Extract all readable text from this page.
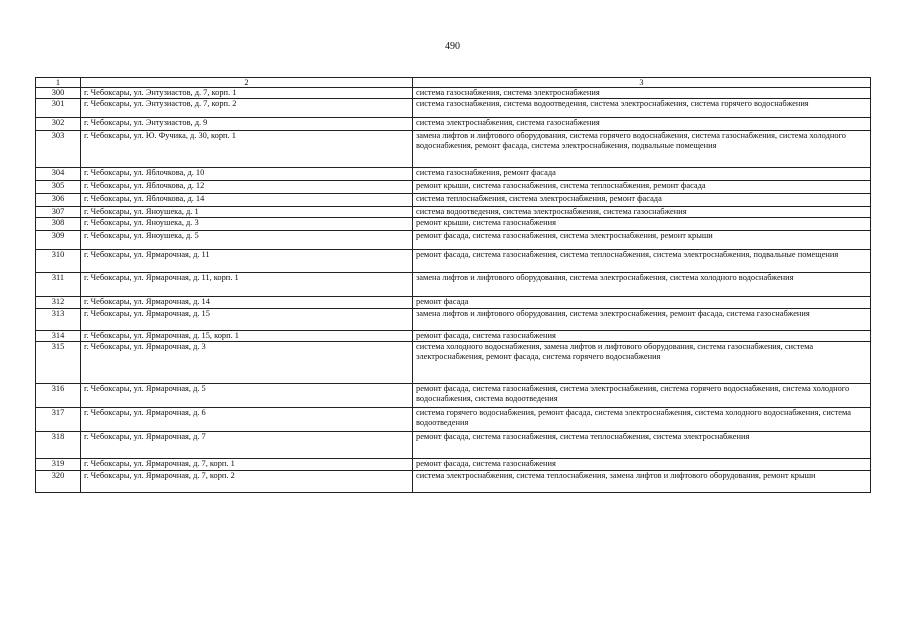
490
1	2	3
300	г. Чебоксары, ул. Энтузиастов, д. 7, корп. 1	система газоснабжения, система электроснабжения
301	г. Чебоксары, ул. Энтузиастов, д. 7, корп. 2	система газоснабжения, система водоотведения, система электроснабжения, система горячего водоснабжения
302	г. Чебоксары, ул. Энтузиастов, д. 9	система электроснабжения, система газоснабжения
303	г. Чебоксары, ул. Ю. Фучика, д. 30, корп. 1	замена лифтов и лифтового оборудования, система горячего водоснабжения, система газоснабжения, система холодного водоснабжения, ремонт фасада, система электроснабжения, подвальные помещения
304	г. Чебоксары, ул. Яблочкова, д. 10	система газоснабжения, ремонт фасада
305	г. Чебоксары, ул. Яблочкова, д. 12	ремонт крыши, система газоснабжения, система теплоснабжения, ремонт фасада
306	г. Чебоксары, ул. Яблочкова, д. 14	система теплоснабжения, система электроснабжения, ремонт фасада
307	г. Чебоксары, ул. Яноушека, д. 1	система водоотведения, система электроснабжения, система газоснабжения
308	г. Чебоксары, ул. Яноушека, д. 3	ремонт крыши, система газоснабжения
309	г. Чебоксары, ул. Яноушека, д. 5	ремонт фасада, система газоснабжения, система электроснабжения, ремонт крыши
310	г. Чебоксары, ул. Ярмарочная, д. 11	ремонт фасада, система газоснабжения, система теплоснабжения, система электроснабжения, подвальные помещения
311	г. Чебоксары, ул. Ярмарочная, д. 11, корп. 1	замена лифтов и лифтового оборудования, система электроснабжения, система холодного водоснабжения
312	г. Чебоксары, ул. Ярмарочная, д. 14	ремонт фасада
313	г. Чебоксары, ул. Ярмарочная, д. 15	замена лифтов и лифтового оборудования, система электроснабжения, ремонт фасада, система газоснабжения
314	г. Чебоксары, ул. Ярмарочная, д. 15, корп. 1	ремонт фасада, система газоснабжения
315	г. Чебоксары, ул. Ярмарочная, д. 3	система холодного водоснабжения, замена лифтов и лифтового оборудования, система газоснабжения, система электроснабжения, ремонт фасада, система горячего водоснабжения
316	г. Чебоксары, ул. Ярмарочная, д. 5	ремонт фасада, система газоснабжения, система электроснабжения, система горячего водоснабжения, система холодного водоснабжения, система водоотведения
317	г. Чебоксары, ул. Ярмарочная, д. 6	система горячего водоснабжения, ремонт фасада, система электроснабжения, система холодного водоснабжения, система водоотведения
318	г. Чебоксары, ул. Ярмарочная, д. 7	ремонт фасада, система газоснабжения, система теплоснабжения, система электроснабжения
319	г. Чебоксары, ул. Ярмарочная, д. 7, корп. 1	ремонт фасада, система газоснабжения
320	г. Чебоксары, ул. Ярмарочная, д. 7, корп. 2	система электроснабжения, система теплоснабжения, замена лифтов и лифтового оборудования, ремонт крыши
